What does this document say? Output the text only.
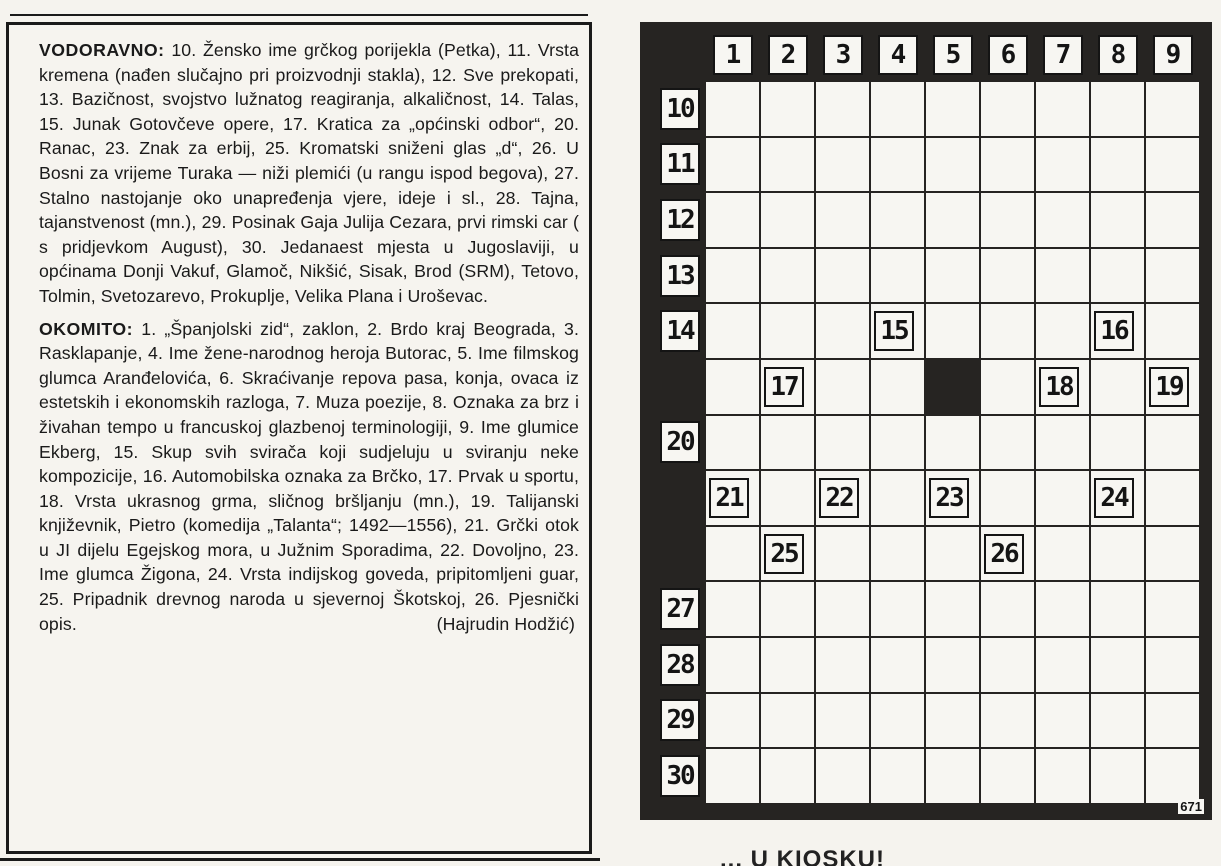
VODORAVNO: 10. Žensko ime grčkog porijekla (Petka), 11. Vrsta kremena (nađen slučajno pri proizvodnji stakla), 12. Sve prekopati, 13. Bazičnost, svojstvo lužnatog reagiranja, alkaličnost, 14. Talas, 15. Junak Gotovčeve opere, 17. Kratica za „općinski odbor“, 20. Ranac, 23. Znak za erbij, 25. Kromatski sniženi glas „d“, 26. U Bosni za vrijeme Turaka — niži plemići (u rangu ispod begova), 27. Stalno nastojanje oko unapređenja vjere, ideje i sl., 28. Tajna, tajanstvenost (mn.), 29. Posinak Gaja Julija Cezara, prvi rimski car ( s pridjevkom August), 30. Jedanaest mjesta u Jugoslaviji, u općinama Donji Vakuf, Glamoč, Nikšić, Sisak, Brod (SRM), Tetovo, Tolmin, Svetozarevo, Prokuplje, Velika Plana i Uroševac.

OKOMITO: 1. „Španjolski zid“, zaklon, 2. Brdo kraj Beograda, 3. Rasklapanje, 4. Ime žene-narodnog heroja Butorac, 5. Ime filmskog glumca Aranđelovića, 6. Skraćivanje repova pasa, konja, ovaca iz estetskih i ekonomskih razloga, 7. Muza poezije, 8. Oznaka za brz i živahan tempo u francuskoj glazbenoj terminologiji, 9. Ime glumice Ekberg, 15. Skup svih svirača koji sudjeluju u sviranju neke kompozicije, 16. Automobilska oznaka za Brčko, 17. Prvak u sportu, 18. Vrsta ukrasnog grma, sličnog bršljanju (mn.), 19. Talijanski književnik, Pietro (komedija „Talanta“; 1492—1556), 21. Grčki otok u JI dijelu Egejskog mora, u Južnim Sporadima, 22. Dovoljno, 23. Ime glumca Žigona, 24. Vrsta indijskog goveda, pripitomljeni guar, 25. Pripadnik drevnog naroda u sjevernoj Škotskoj, 26. Pjesnički opis.	(Hajrudin Hodžić)

671
1	2	3	4	5	6	7	8	9
10
11
12
13
14
20
27
28
29
30
15	16
17	18	19
21	22	23	24
25	26
... U KIOSKU!
